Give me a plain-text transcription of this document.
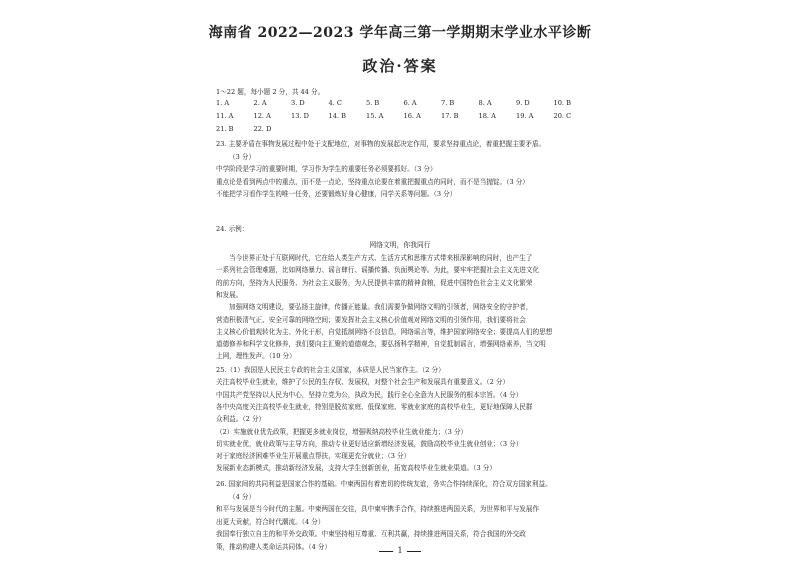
海南省 2022—2023 学年高三第一学期期末学业水平诊断
政治·答案
1～22 题，每小题 2 分，共 44 分。
1. A	2. A	3. D	4. C	5. B	6. A	7. B	8. A	9. D	10. B
11. A	12. A	13. D	14. B	15. A	16. A	17. B	18. A	19. A	20. C
21. B	22. D
23. 主要矛盾在事物发展过程中处于支配地位，对事物的发展起决定作用，要求坚持重点论，着重把握主要矛盾。
（3 分）
中学阶段是学习的重要时期，学习作为学生的重要任务必须要抓好。（3 分）
重点论是看到两点中的重点，而不是一点论，坚持重点论要在着重把握重点的同时，而不是当抛锭。（3 分）
不能把学习看作学生的唯一任务，还要锻炼好身心健康，同学关系等问题。（3 分）
24. 示例：
网络文明，你我同行
当今世界正处于互联网时代，它在给人类生产方式、生活方式和思维方式带来根深影响的同时，也产生了
一系列社会管理难题，比如网络暴力、谣言肆行、谣播传播、负面舆论等。为此，要牢牢把握社会主义先进文化
的前方向，坚持为人民服务、为社会主义服务，为人民提供丰富的精神食粮，促进中国特色社会主义文化繁荣
和发展。
加强网络文明建设，要弘扬主旋律，传播正能量。我们需要争做网络文明的引领者，网络安全的守护者，
营造积极清气正、安全可靠的网络空间；要发挥社会主义核心价值观对网络文明的引领作用，我们要将社会
主义核心价值观转化为主、外化于形，自觉抵制网络不良信息，网络谣言等，维护国家网络安全；要提高人们的思想
道德修养和科学文化修养，我们要向主汇聚的道德观念，要弘扬科学精神，自觉抵制谣言，增强网络素养，当文明
上网，理性发声。（10 分）
25.（1）我国是人民民主专政的社会主义国家，本质是人民当家作主。（2 分）
关注高校毕业生就业，维护了公民的生存权、发展权，对整个社会生产和发展具有重要意义。（2 分）
中国共产党坚持以人民为中心，坚持立党为公，执政为民，践行全心全意为人民服务的根本宗旨。（4 分）
各中央高度关注高校毕业生就业，特别是脱贫家庭、低保家庭、零就业家庭的高校毕业生，更好地保障人民群
众利益。（2 分）
（2）实施就业优先政策，把握更多就业岗位，增强吸纳高校毕业生就业能力；（3 分）
切实就业优，就业政策与主导方向，推动专业更好适应新增经济发展，鼓励高校毕业生就业创业；（3 分）
对于家庭经济困难毕业生开展重点帮扶，实现更充分就业；（3 分）
发展新业态新模式，推动新经济发展，支持大学生创新创业，拓宽高校毕业生就业渠道。（3 分）
26. 国家间的共同利益是国家合作的基础。中柬两国有着密切的传统友谊，务实合作持续深化，符合双方国家利益。
（4 分）
和平与发展是当今时代的主题。中柬两国在交往，具中柬牢携手合作，持续推进两国关系，为世界和平与发展作
出更大贡献，符合时代潮流。（4 分）
我国奉行独立自主的和平外交政策。中柬坚持相互尊重、互利共赢，持续推进两国关系，符合我国的外交政
策，推动构建人类命运共同体。（4 分）	1
